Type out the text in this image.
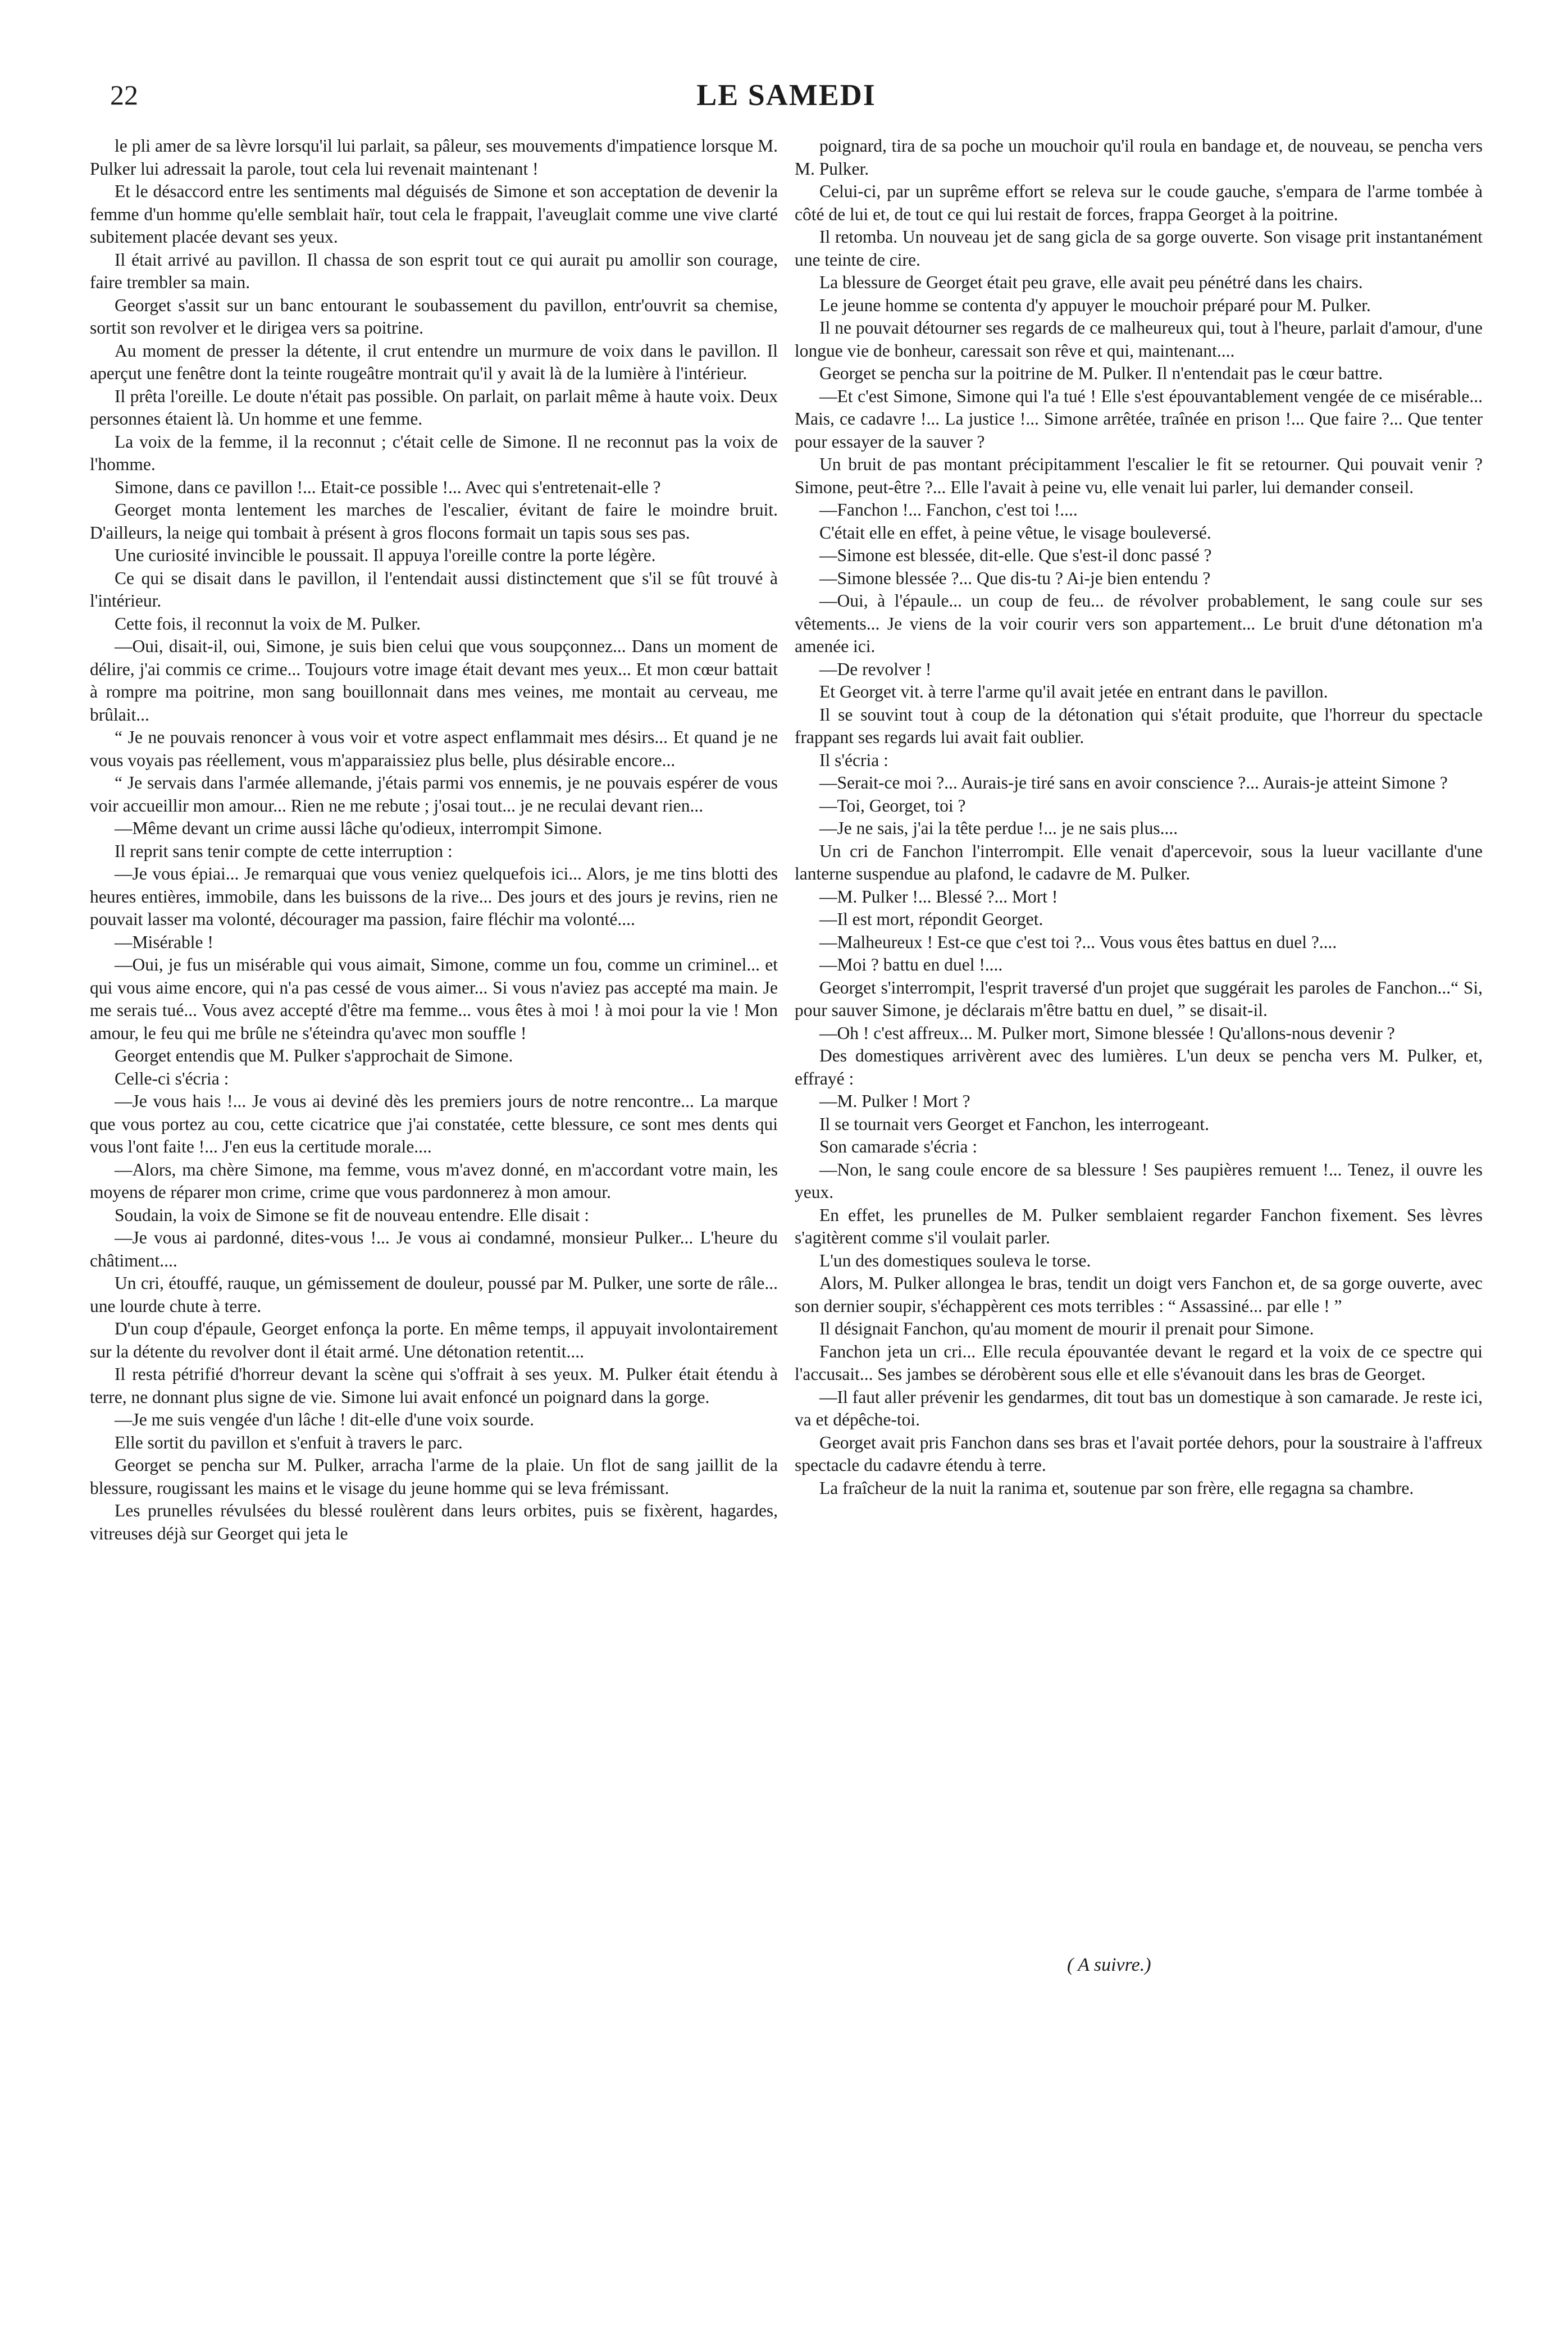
22	LE SAMEDI

le pli amer de sa lèvre lorsqu'il lui parlait, sa pâleur, ses mouvements d'impatience lorsque M. Pulker lui adressait la parole, tout cela lui revenait maintenant !

Et le désaccord entre les sentiments mal déguisés de Simone et son acceptation de devenir la femme d'un homme qu'elle semblait haïr, tout cela le frappait, l'aveuglait comme une vive clarté subitement placée devant ses yeux.

Il était arrivé au pavillon. Il chassa de son esprit tout ce qui aurait pu amollir son courage, faire trembler sa main.

Georget s'assit sur un banc entourant le soubassement du pavillon, entr'ouvrit sa chemise, sortit son revolver et le dirigea vers sa poitrine.

Au moment de presser la détente, il crut entendre un murmure de voix dans le pavillon. Il aperçut une fenêtre dont la teinte rougeâtre montrait qu'il y avait là de la lumière à l'intérieur.

Il prêta l'oreille. Le doute n'était pas possible. On parlait, on parlait même à haute voix. Deux personnes étaient là. Un homme et une femme.

La voix de la femme, il la reconnut ; c'était celle de Simone. Il ne reconnut pas la voix de l'homme.

Simone, dans ce pavillon !... Etait-ce possible !... Avec qui s'entretenait-elle ?

Georget monta lentement les marches de l'escalier, évitant de faire le moindre bruit. D'ailleurs, la neige qui tombait à présent à gros flocons formait un tapis sous ses pas.

Une curiosité invincible le poussait. Il appuya l'oreille contre la porte légère.

Ce qui se disait dans le pavillon, il l'entendait aussi distinctement que s'il se fût trouvé à l'intérieur.

Cette fois, il reconnut la voix de M. Pulker.

—Oui, disait-il, oui, Simone, je suis bien celui que vous soupçonnez... Dans un moment de délire, j'ai commis ce crime... Toujours votre image était devant mes yeux... Et mon cœur battait à rompre ma poitrine, mon sang bouillonnait dans mes veines, me montait au cerveau, me brûlait...

“ Je ne pouvais renoncer à vous voir et votre aspect enflammait mes désirs... Et quand je ne vous voyais pas réellement, vous m'apparaissiez plus belle, plus désirable encore...

“ Je servais dans l'armée allemande, j'étais parmi vos ennemis, je ne pouvais espérer de vous voir accueillir mon amour... Rien ne me rebute ; j'osai tout... je ne reculai devant rien...

—Même devant un crime aussi lâche qu'odieux, interrompit Simone.

Il reprit sans tenir compte de cette interruption :

—Je vous épiai... Je remarquai que vous veniez quelquefois ici... Alors, je me tins blotti des heures entières, immobile, dans les buissons de la rive... Des jours et des jours je revins, rien ne pouvait lasser ma volonté, décourager ma passion, faire fléchir ma volonté....

—Misérable !

—Oui, je fus un misérable qui vous aimait, Simone, comme un fou, comme un criminel... et qui vous aime encore, qui n'a pas cessé de vous aimer... Si vous n'aviez pas accepté ma main. Je me serais tué... Vous avez accepté d'être ma femme... vous êtes à moi ! à moi pour la vie ! Mon amour, le feu qui me brûle ne s'éteindra qu'avec mon souffle !

Georget entendis que M. Pulker s'approchait de Simone.

Celle-ci s'écria :

—Je vous hais !... Je vous ai deviné dès les premiers jours de notre rencontre... La marque que vous portez au cou, cette cicatrice que j'ai constatée, cette blessure, ce sont mes dents qui vous l'ont faite !... J'en eus la certitude morale....

—Alors, ma chère Simone, ma femme, vous m'avez donné, en m'accordant votre main, les moyens de réparer mon crime, crime que vous pardonnerez à mon amour.

Soudain, la voix de Simone se fit de nouveau entendre. Elle disait :

—Je vous ai pardonné, dites-vous !... Je vous ai condamné, monsieur Pulker... L'heure du châtiment....

Un cri, étouffé, rauque, un gémissement de douleur, poussé par M. Pulker, une sorte de râle... une lourde chute à terre.

D'un coup d'épaule, Georget enfonça la porte. En même temps, il appuyait involontairement sur la détente du revolver dont il était armé. Une détonation retentit....

Il resta pétrifié d'horreur devant la scène qui s'offrait à ses yeux. M. Pulker était étendu à terre, ne donnant plus signe de vie. Simone lui avait enfoncé un poignard dans la gorge.

—Je me suis vengée d'un lâche ! dit-elle d'une voix sourde.

Elle sortit du pavillon et s'enfuit à travers le parc.

Georget se pencha sur M. Pulker, arracha l'arme de la plaie. Un flot de sang jaillit de la blessure, rougissant les mains et le visage du jeune homme qui se leva frémissant.

Les prunelles révulsées du blessé roulèrent dans leurs orbites, puis se fixèrent, hagardes, vitreuses déjà sur Georget qui jeta le

poignard, tira de sa poche un mouchoir qu'il roula en bandage et, de nouveau, se pencha vers M. Pulker.

Celui-ci, par un suprême effort se releva sur le coude gauche, s'empara de l'arme tombée à côté de lui et, de tout ce qui lui restait de forces, frappa Georget à la poitrine.

Il retomba. Un nouveau jet de sang gicla de sa gorge ouverte. Son visage prit instantanément une teinte de cire.

La blessure de Georget était peu grave, elle avait peu pénétré dans les chairs.

Le jeune homme se contenta d'y appuyer le mouchoir préparé pour M. Pulker.

Il ne pouvait détourner ses regards de ce malheureux qui, tout à l'heure, parlait d'amour, d'une longue vie de bonheur, caressait son rêve et qui, maintenant....

Georget se pencha sur la poitrine de M. Pulker. Il n'entendait pas le cœur battre.

—Et c'est Simone, Simone qui l'a tué ! Elle s'est épouvantablement vengée de ce misérable... Mais, ce cadavre !... La justice !... Simone arrêtée, traînée en prison !... Que faire ?... Que tenter pour essayer de la sauver ?

Un bruit de pas montant précipitamment l'escalier le fit se retourner. Qui pouvait venir ? Simone, peut-être ?... Elle l'avait à peine vu, elle venait lui parler, lui demander conseil.

—Fanchon !... Fanchon, c'est toi !....

C'était elle en effet, à peine vêtue, le visage bouleversé.

—Simone est blessée, dit-elle. Que s'est-il donc passé ?

—Simone blessée ?... Que dis-tu ? Ai-je bien entendu ?

—Oui, à l'épaule... un coup de feu... de révolver probablement, le sang coule sur ses vêtements... Je viens de la voir courir vers son appartement... Le bruit d'une détonation m'a amenée ici.

—De revolver !

Et Georget vit. à terre l'arme qu'il avait jetée en entrant dans le pavillon.

Il se souvint tout à coup de la détonation qui s'était produite, que l'horreur du spectacle frappant ses regards lui avait fait oublier.

Il s'écria :

—Serait-ce moi ?... Aurais-je tiré sans en avoir conscience ?... Aurais-je atteint Simone ?

—Toi, Georget, toi ?

—Je ne sais, j'ai la tête perdue !... je ne sais plus....

Un cri de Fanchon l'interrompit. Elle venait d'apercevoir, sous la lueur vacillante d'une lanterne suspendue au plafond, le cadavre de M. Pulker.

—M. Pulker !... Blessé ?... Mort !

—Il est mort, répondit Georget.

—Malheureux ! Est-ce que c'est toi ?... Vous vous êtes battus en duel ?....

—Moi ? battu en duel !....

Georget s'interrompit, l'esprit traversé d'un projet que suggérait les paroles de Fanchon...“ Si, pour sauver Simone, je déclarais m'être battu en duel, ” se disait-il.

—Oh ! c'est affreux... M. Pulker mort, Simone blessée ! Qu'allons-nous devenir ?

Des domestiques arrivèrent avec des lumières. L'un deux se pencha vers M. Pulker, et, effrayé :

—M. Pulker ! Mort ?

Il se tournait vers Georget et Fanchon, les interrogeant.

Son camarade s'écria :

—Non, le sang coule encore de sa blessure ! Ses paupières remuent !... Tenez, il ouvre les yeux.

En effet, les prunelles de M. Pulker semblaient regarder Fanchon fixement. Ses lèvres s'agitèrent comme s'il voulait parler.

L'un des domestiques souleva le torse.

Alors, M. Pulker allongea le bras, tendit un doigt vers Fanchon et, de sa gorge ouverte, avec son dernier soupir, s'échappèrent ces mots terribles : “ Assassiné... par elle ! ”

Il désignait Fanchon, qu'au moment de mourir il prenait pour Simone.

Fanchon jeta un cri... Elle recula épouvantée devant le regard et la voix de ce spectre qui l'accusait... Ses jambes se dérobèrent sous elle et elle s'évanouit dans les bras de Georget.

—Il faut aller prévenir les gendarmes, dit tout bas un domestique à son camarade. Je reste ici, va et dépêche-toi.

Georget avait pris Fanchon dans ses bras et l'avait portée dehors, pour la soustraire à l'affreux spectacle du cadavre étendu à terre.

La fraîcheur de la nuit la ranima et, soutenue par son frère, elle regagna sa chambre.

( A suivre.)
